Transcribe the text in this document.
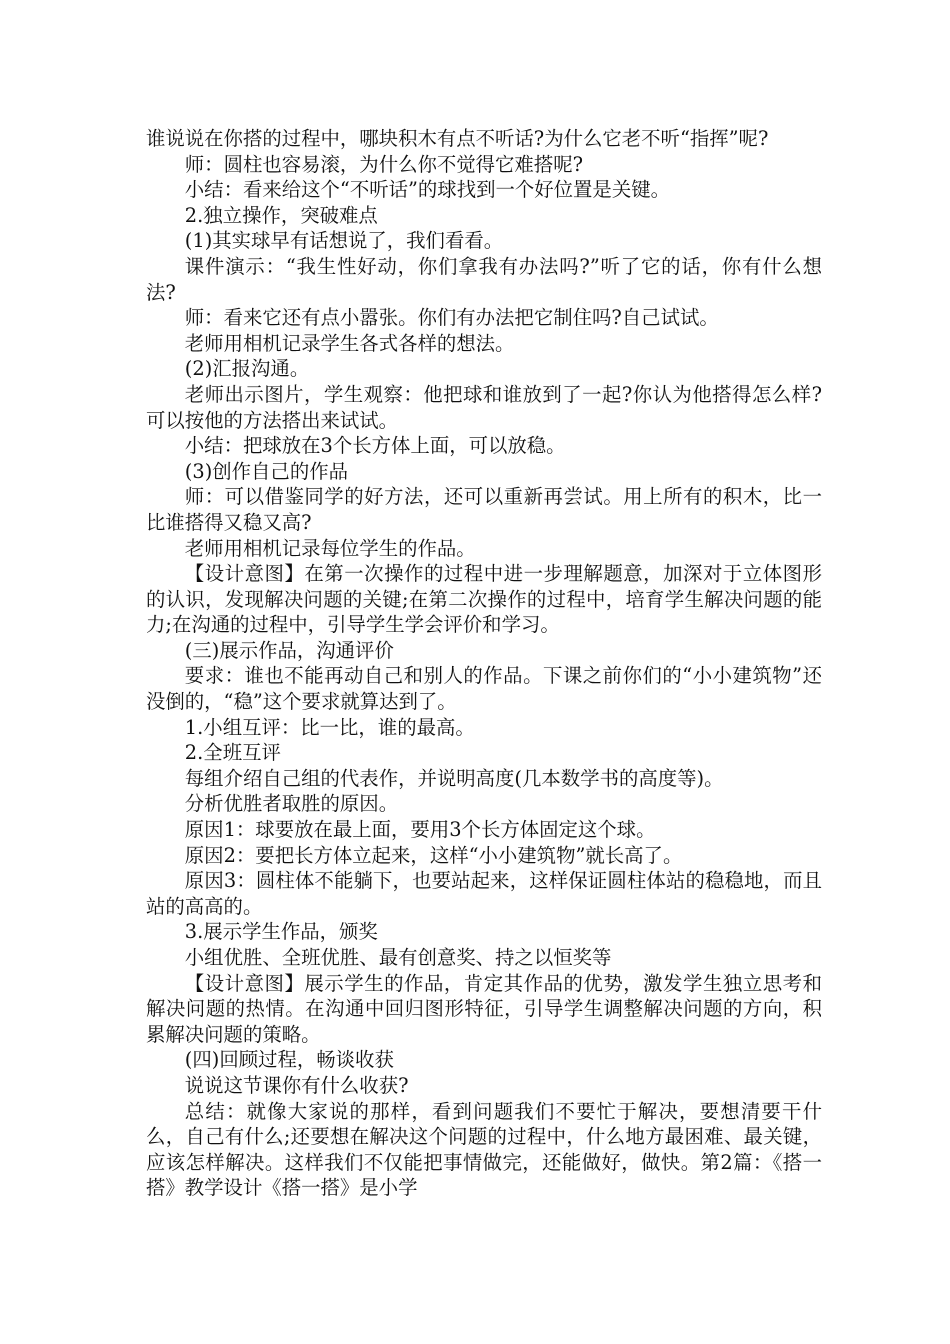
谁说说在你搭的过程中，哪块积木有点不听话?为什么它老不听“指挥”呢?

师：圆柱也容易滚，为什么你不觉得它难搭呢?

小结：看来给这个“不听话”的球找到一个好位置是关键。

2.独立操作，突破难点

(1)其实球早有话想说了，我们看看。

课件演示：“我生性好动，你们拿我有办法吗?”听了它的话，你有什么想法?

师：看来它还有点小嚣张。你们有办法把它制住吗?自己试试。

老师用相机记录学生各式各样的想法。

(2)汇报沟通。

老师出示图片，学生观察：他把球和谁放到了一起?你认为他搭得怎么样?可以按他的方法搭出来试试。

小结：把球放在3个长方体上面，可以放稳。

(3)创作自己的作品

师：可以借鉴同学的好方法，还可以重新再尝试。用上所有的积木，比一比谁搭得又稳又高?

老师用相机记录每位学生的作品。

【设计意图】在第一次操作的过程中进一步理解题意，加深对于立体图形的认识，发现解决问题的关键;在第二次操作的过程中，培育学生解决问题的能力;在沟通的过程中，引导学生学会评价和学习。

(三)展示作品，沟通评价

要求：谁也不能再动自己和别人的作品。下课之前你们的“小小建筑物”还没倒的，“稳”这个要求就算达到了。

1.小组互评：比一比，谁的最高。

2.全班互评

每组介绍自己组的代表作，并说明高度(几本数学书的高度等)。

分析优胜者取胜的原因。

原因1：球要放在最上面，要用3个长方体固定这个球。

原因2：要把长方体立起来，这样“小小建筑物”就长高了。

原因3：圆柱体不能躺下，也要站起来，这样保证圆柱体站的稳稳地，而且站的高高的。

3.展示学生作品，颁奖

小组优胜、全班优胜、最有创意奖、持之以恒奖等

【设计意图】展示学生的作品，肯定其作品的优势，激发学生独立思考和解决问题的热情。在沟通中回归图形特征，引导学生调整解决问题的方向，积累解决问题的策略。

(四)回顾过程，畅谈收获

说说这节课你有什么收获?

总结：就像大家说的那样，看到问题我们不要忙于解决，要想清要干什么，自己有什么;还要想在解决这个问题的过程中，什么地方最困难、最关键，应该怎样解决。这样我们不仅能把事情做完，还能做好，做快。第2篇：《搭一搭》教学设计《搭一搭》是小学
